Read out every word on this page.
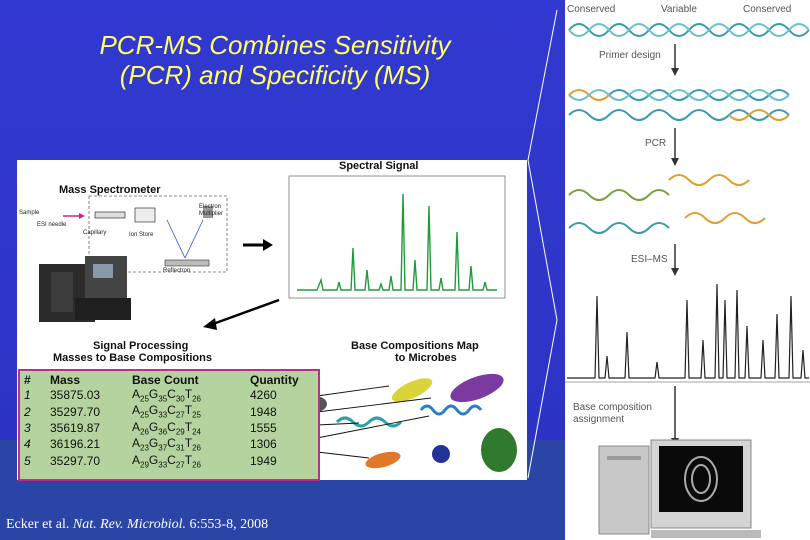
PCR-MS Combines Sensitivity
(PCR) and Specificity (MS)
Mass Spectrometer
Sample
ESI needle
Capillary	Ion Store
Electron Multiplier
Reflectron
Spectral Signal
Signal Processing
Masses to Base Compositions
Base Compositions Map
to Microbes
#	Mass	Base Count	Quantity
1	35875.03	$A_{25}G_{35}C_{30}T_{26}$	4260
2	35297.70	$A_{25}G_{33}C_{27}T_{25}$	1948
3	35619.87	$A_{26}G_{36}C_{29}T_{24}$	1555
4	36196.21	$A_{23}G_{37}C_{31}T_{26}$	1306
5	35297.70	$A_{29}G_{33}C_{27}T_{26}$	1949
Conserved	Variable	Conserved
Primer design
PCR
ESI–MS
Base composition
assignment
Ecker et al. Nat. Rev. Microbiol. 6:553-8, 2008
